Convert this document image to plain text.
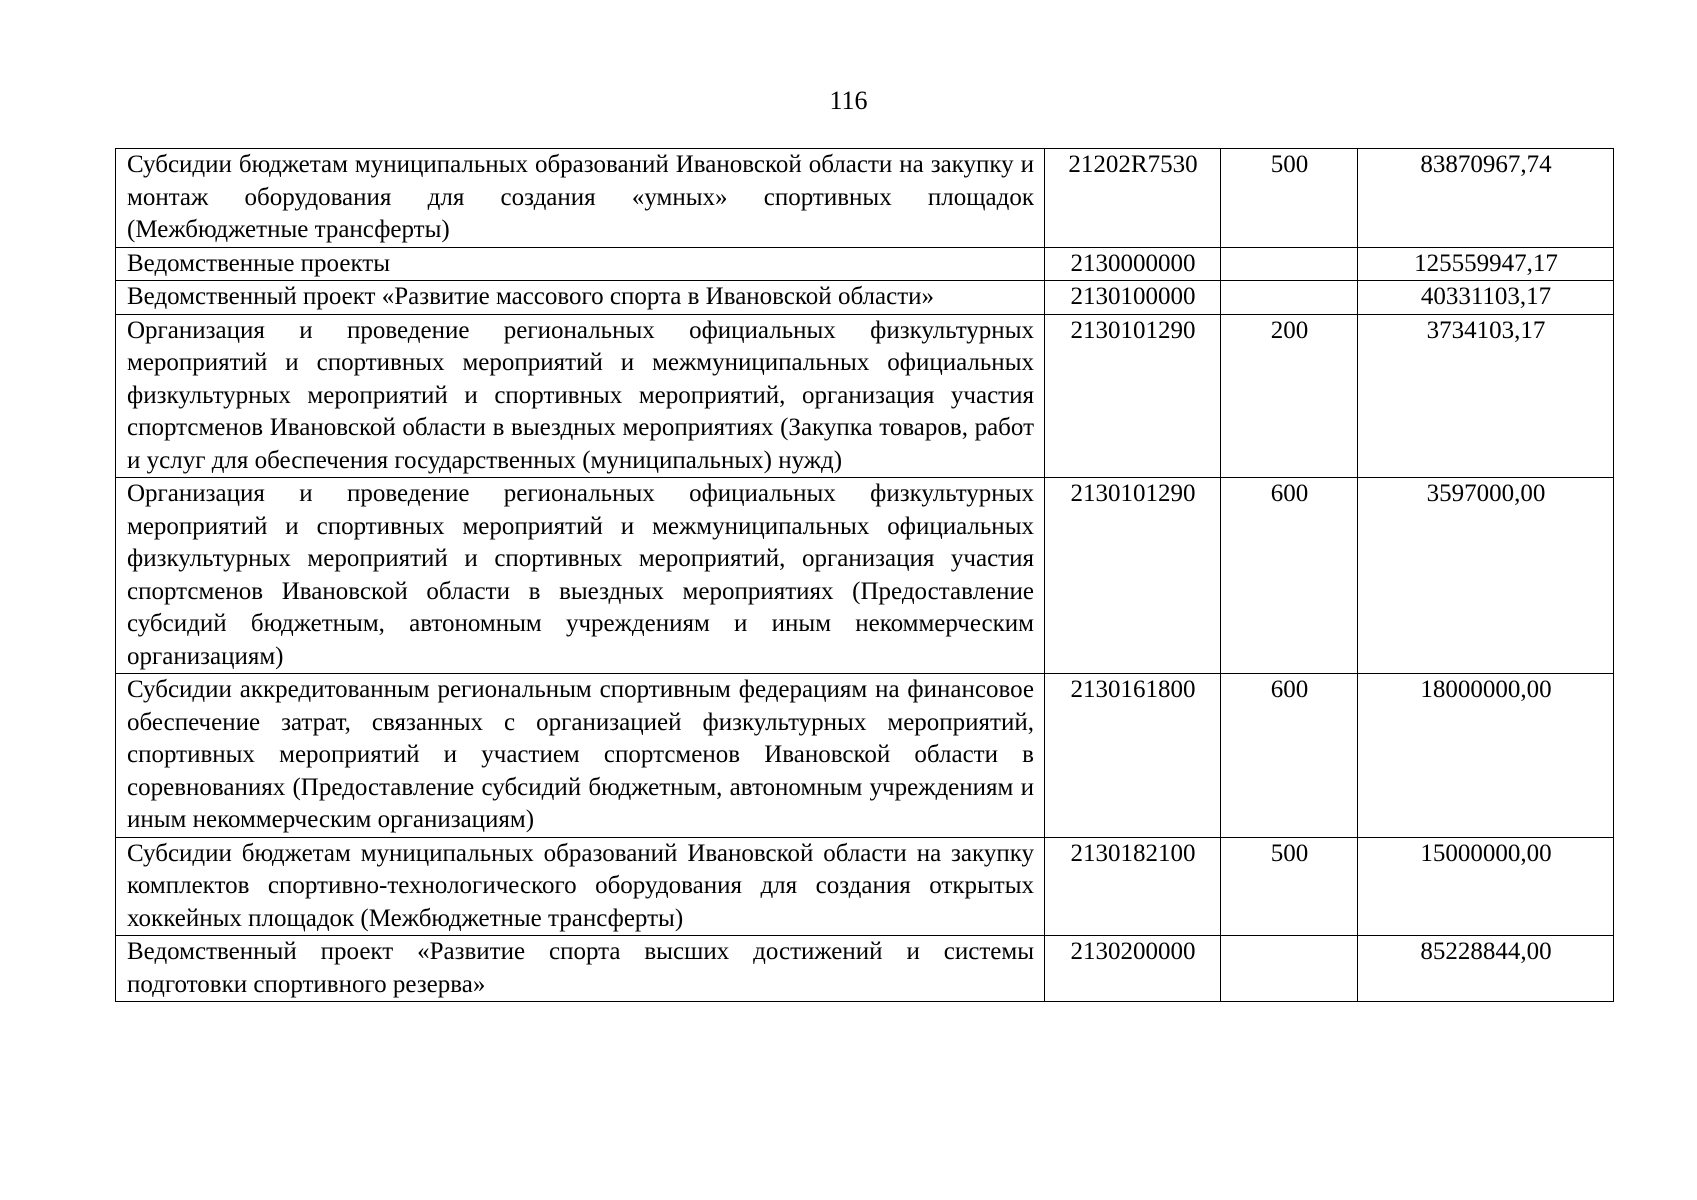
116
Субсидии бюджетам муниципальных образований Ивановской области на закупку и монтаж оборудования для создания «умных» спортивных площадок (Межбюджетные трансферты)	21202R7530	500	83870967,74
Ведомственные проекты	2130000000		125559947,17
Ведомственный проект «Развитие массового спорта в Ивановской области»	2130100000		40331103,17
Организация и проведение региональных официальных физкультурных мероприятий и спортивных мероприятий и межмуниципальных официальных физкультурных мероприятий и спортивных мероприятий, организация участия спортсменов Ивановской области в выездных мероприятиях (Закупка товаров, работ и услуг для обеспечения государственных (муниципальных) нужд)	2130101290	200	3734103,17
Организация и проведение региональных официальных физкультурных мероприятий и спортивных мероприятий и межмуниципальных официальных физкультурных мероприятий и спортивных мероприятий, организация участия спортсменов Ивановской области в выездных мероприятиях (Предоставление субсидий бюджетным, автономным учреждениям и иным некоммерческим организациям)	2130101290	600	3597000,00
Субсидии аккредитованным региональным спортивным федерациям на финансовое обеспечение затрат, связанных с организацией физкультурных мероприятий, спортивных мероприятий и участием спортсменов Ивановской области в соревнованиях (Предоставление субсидий бюджетным, автономным учреждениям и иным некоммерческим организациям)	2130161800	600	18000000,00
Субсидии бюджетам муниципальных образований Ивановской области на закупку комплектов спортивно-технологического оборудования для создания открытых хоккейных площадок (Межбюджетные трансферты)	2130182100	500	15000000,00
Ведомственный проект «Развитие спорта высших достижений и системы подготовки спортивного резерва»	2130200000		85228844,00
